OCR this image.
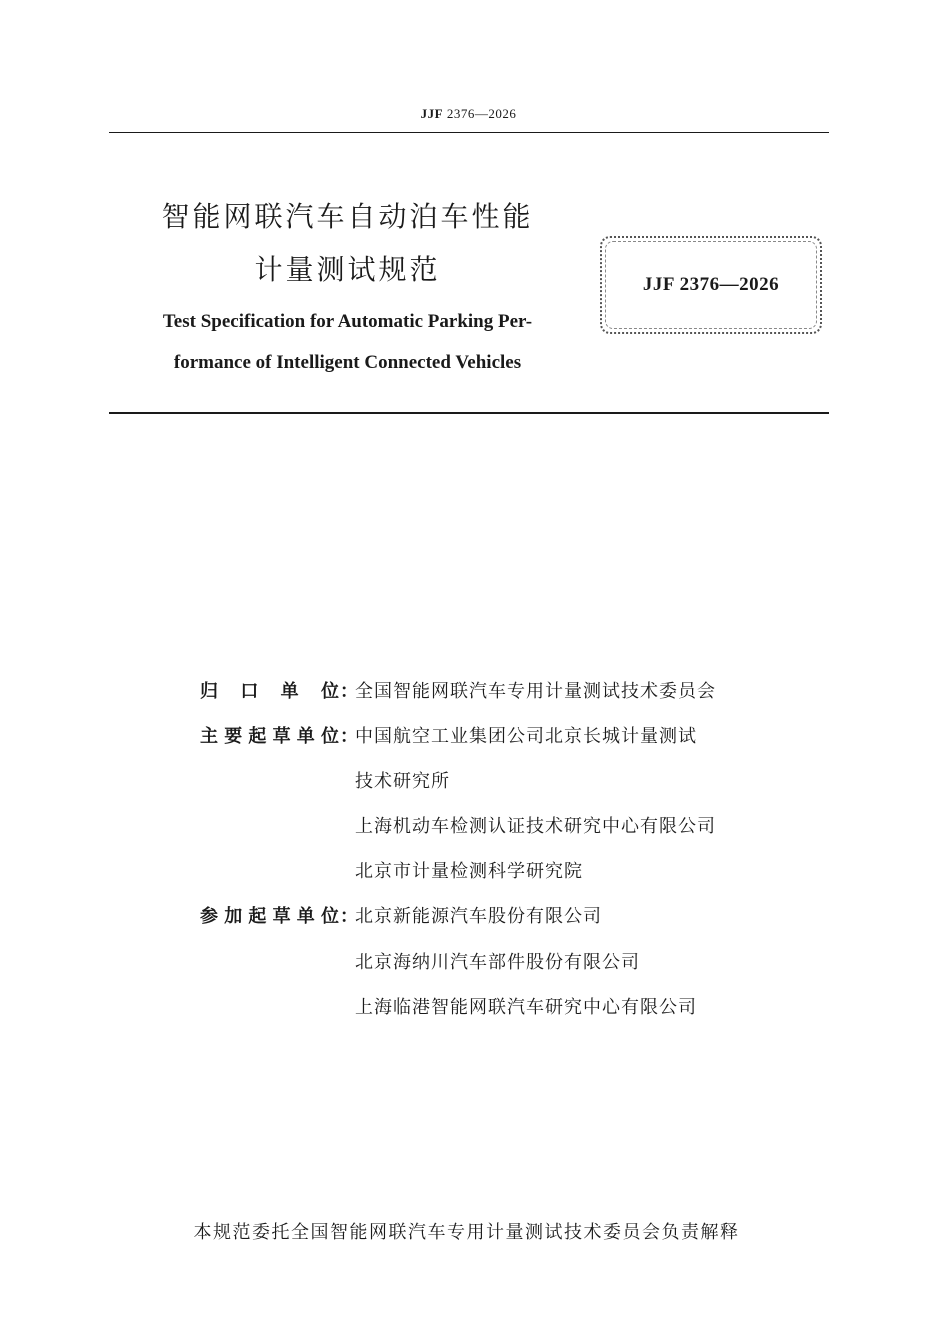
JJF 2376—2026
智能网联汽车自动泊车性能
计量测试规范
Test Specification for Automatic Parking Per-
formance of Intelligent Connected Vehicles
JJF 2376—2026
归 口 单 位 ：
全国智能网联汽车专用计量测试技术委员会
主要起草单位 ：
中国航空工业集团公司北京长城计量测试
技术研究所
上海机动车检测认证技术研究中心有限公司
北京市计量检测科学研究院
参加起草单位 ：
北京新能源汽车股份有限公司
北京海纳川汽车部件股份有限公司
上海临港智能网联汽车研究中心有限公司
本规范委托全国智能网联汽车专用计量测试技术委员会负责解释
